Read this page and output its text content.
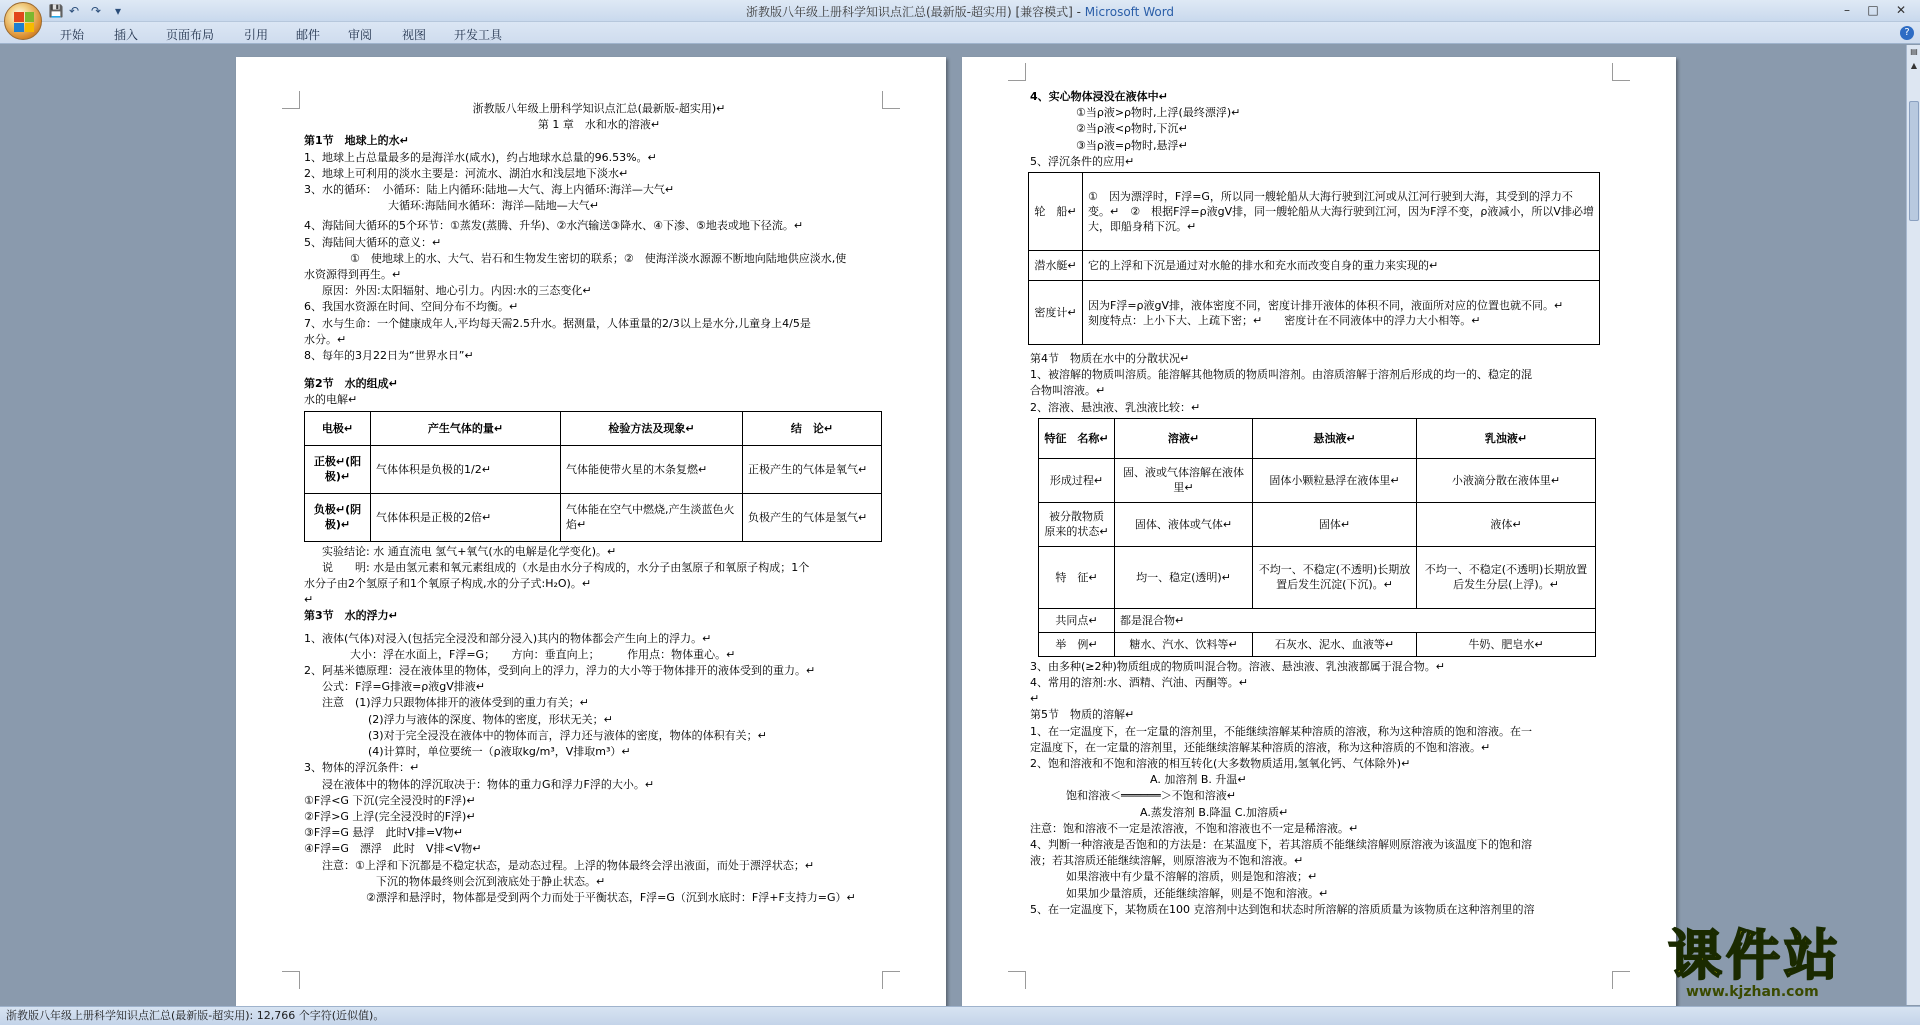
💾 ↶ ↷	▾	浙教版八年级上册科学知识点汇总(最新版-超实用) [兼容模式] - Microsoft Word	–	□	✕
开始 插入 页面布局 引用 邮件 审阅 视图 开发工具	?

浙教版八年级上册科学知识点汇总(最新版-超实用)↵

第 1 章　水和水的溶液↵

第1节　地球上的水↵

1、地球上占总量最多的是海洋水(咸水)，约占地球水总量的96.53%。↵

2、地球上可利用的淡水主要是：河流水、湖泊水和浅层地下淡水↵

3、水的循环：　小循环：陆上内循环:陆地—大气、海上内循环:海洋—大气↵

大循环:海陆间水循环：海洋—陆地—大气↵

4、海陆间大循环的5个环节：①蒸发(蒸腾、升华)、②水汽输送③降水、④下渗、⑤地表或地下径流。↵

5、海陆间大循环的意义：↵

①　使地球上的水、大气、岩石和生物发生密切的联系；②　使海洋淡水源源不断地向陆地供应淡水,使

水资源得到再生。↵

原因：外因:太阳辐射、地心引力。内因:水的三态变化↵

6、我国水资源在时间、空间分布不均衡。↵

7、水与生命：一个健康成年人,平均每天需2.5升水。据测量，人体重量的2/3以上是水分,儿童身上4/5是

水分。↵

8、每年的3月22日为“世界水日”↵

第2节　水的组成↵

水的电解↵

电极↵	产生气体的量↵	检验方法及现象↵	结　论↵
正极↵(阳极)↵	气体体积是负极的1/2↵	气体能使带火星的木条复燃↵	正极产生的气体是氧气↵
负极↵(阴极)↵	气体体积是正极的2倍↵	气体能在空气中燃烧,产生淡蓝色火焰↵	负极产生的气体是氢气↵

实验结论: 水 通直流电 氢气+氧气(水的电解是化学变化)。↵

说　　明: 水是由氢元素和氧元素组成的（水是由水分子构成的，水分子由氢原子和氧原子构成；1个

水分子由2个氢原子和1个氧原子构成,水的分子式:H₂O)。↵

↵

第3节　水的浮力↵

1、液体(气体)对浸入(包括完全浸没和部分浸入)其内的物体都会产生向上的浮力。↵

大小：浮在水面上，F浮=G；　　方向：垂直向上；　　　作用点：物体重心。↵

2、阿基米德原理：浸在液体里的物体，受到向上的浮力，浮力的大小等于物体排开的液体受到的重力。↵

公式：F浮=G排液=ρ液gV排液↵

注意　(1)浮力只跟物体排开的液体受到的重力有关；↵

(2)浮力与液体的深度、物体的密度，形状无关；↵

(3)对于完全浸没在液体中的物体而言，浮力还与液体的密度，物体的体积有关；↵

(4)计算时，单位要统一（ρ液取kg/m³，V排取m³）↵

3、物体的浮沉条件：↵

浸在液体中的物体的浮沉取决于：物体的重力G和浮力F浮的大小。↵

①F浮<G 下沉(完全浸没时的F浮)↵

②F浮>G 上浮(完全浸没时的F浮)↵

③F浮=G 悬浮　此时V排=V物↵

④F浮=G　漂浮　此时　V排<V物↵

注意：①上浮和下沉都是不稳定状态，是动态过程。上浮的物体最终会浮出液面，而处于漂浮状态；↵

下沉的物体最终则会沉到液底处于静止状态。↵

②漂浮和悬浮时，物体都是受到两个力而处于平衡状态，F浮=G（沉到水底时：F浮+F支持力=G）↵

4、实心物体浸没在液体中↵

①当ρ液>ρ物时,上浮(最终漂浮)↵

②当ρ液<ρ物时,下沉↵

③当ρ液=ρ物时,悬浮↵

5、浮沉条件的应用↵

轮　船↵	①　因为漂浮时，F浮=G，所以同一艘轮船从大海行驶到江河或从江河行驶到大海，其受到的浮力不变。↵　②　根据F浮=ρ液gV排，同一艘轮船从大海行驶到江河，因为F浮不变，ρ液减小，所以V排必增大，即船身稍下沉。↵
潜水艇↵	它的上浮和下沉是通过对水舱的排水和充水而改变自身的重力来实现的↵
密度计↵	因为F浮=ρ液gV排，液体密度不同，密度计排开液体的体积不同，液面所对应的位置也就不同。↵　　刻度特点：上小下大、上疏下密；↵　　密度计在不同液体中的浮力大小相等。↵

第4节　物质在水中的分散状况↵

1、被溶解的物质叫溶质。能溶解其他物质的物质叫溶剂。由溶质溶解于溶剂后形成的均一的、稳定的混

合物叫溶液。↵

2、溶液、悬浊液、乳浊液比较：↵

特征　名称↵	溶液↵	悬浊液↵	乳浊液↵
形成过程↵	固、液或气体溶解在液体里↵	固体小颗粒悬浮在液体里↵	小液滴分散在液体里↵
被分散物质原来的状态↵	固体、液体或气体↵	固体↵	液体↵
特　征↵	均一、稳定(透明)↵	不均一、不稳定(不透明)长期放置后发生沉淀(下沉)。↵	不均一、不稳定(不透明)长期放置后发生分层(上浮)。↵
共同点↵	都是混合物↵		
举　例↵	糖水、汽水、饮料等↵	石灰水、泥水、血液等↵	牛奶、肥皂水↵

3、由多种(≥2种)物质组成的物质叫混合物。溶液、悬浊液、乳浊液都属于混合物。↵

4、常用的溶剂:水、酒精、汽油、丙酮等。↵

↵

第5节　物质的溶解↵

1、在一定温度下，在一定量的溶剂里，不能继续溶解某种溶质的溶液，称为这种溶质的饱和溶液。在一

定温度下，在一定量的溶剂里，还能继续溶解某种溶质的溶液，称为这种溶质的不饱和溶液。↵

2、饱和溶液和不饱和溶液的相互转化(大多数物质适用,氢氧化钙、气体除外)↵

A. 加溶剂 B. 升温↵

饱和溶液＜══════＞不饱和溶液↵

A.蒸发溶剂 B.降温 C.加溶质↵

注意：饱和溶液不一定是浓溶液，不饱和溶液也不一定是稀溶液。↵

4、判断一种溶液是否饱和的方法是：在某温度下，若其溶质不能继续溶解则原溶液为该温度下的饱和溶

液；若其溶质还能继续溶解，则原溶液为不饱和溶液。↵

如果溶液中有少量不溶解的溶质，则是饱和溶液；↵

如果加少量溶质，还能继续溶解，则是不饱和溶液。↵

5、在一定温度下，某物质在100 克溶剂中达到饱和状态时所溶解的溶质质量为该物质在这种溶剂里的溶

▤
▲
浙教版八年级上册科学知识点汇总(最新版-超实用): 12,766 个字符(近似值)。
课件站
www.kjzhan.com
